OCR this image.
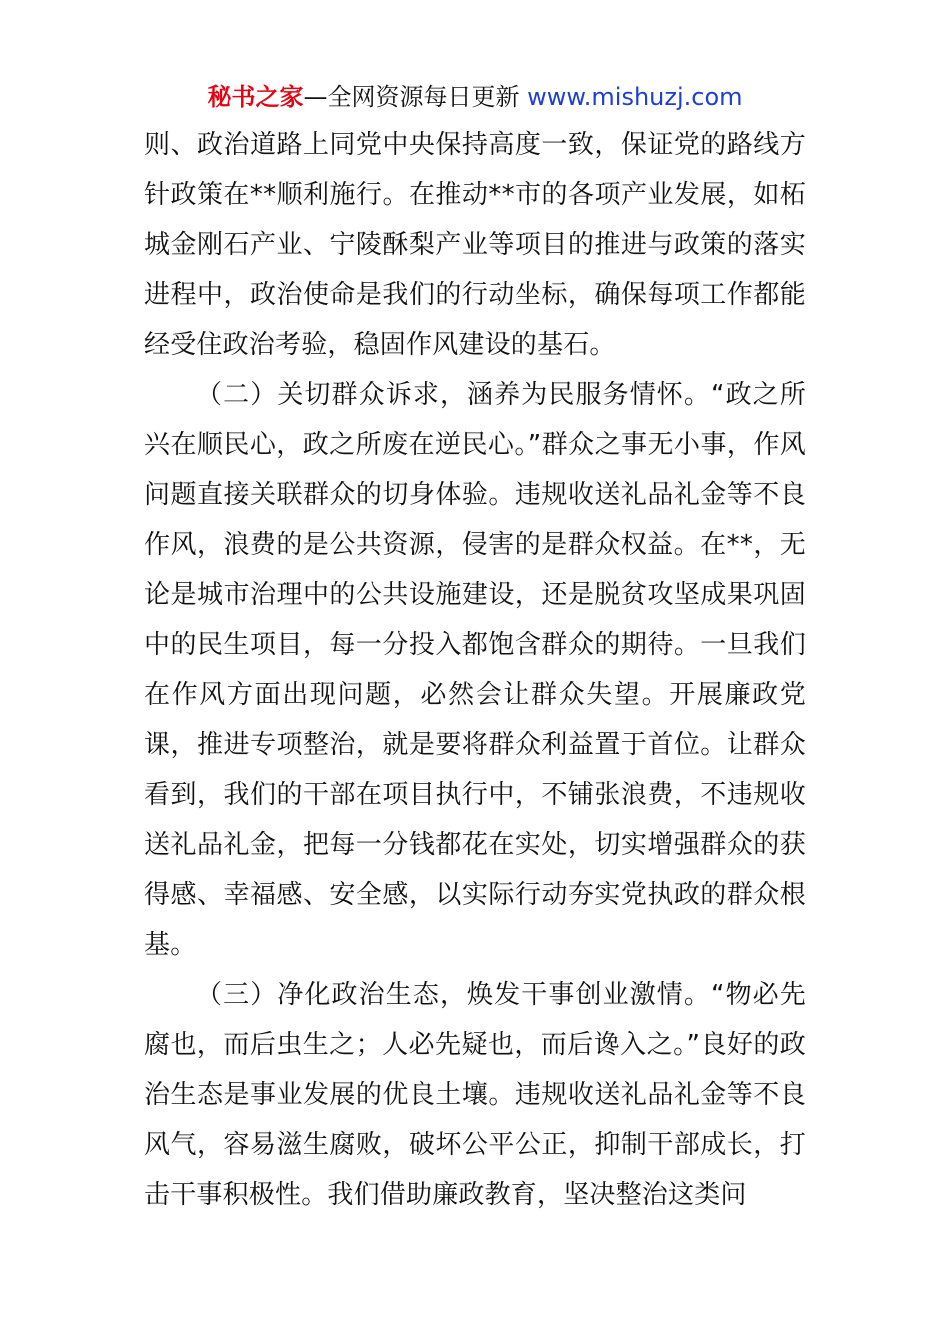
秘书之家—全网资源每日更新 www.mishuzj.com

则、政治道路上同党中央保持高度一致，保证党的路线方针政策在**顺利施行。在推动**市的各项产业发展，如柘城金刚石产业、宁陵酥梨产业等项目的推进与政策的落实进程中，政治使命是我们的行动坐标，确保每项工作都能经受住政治考验，稳固作风建设的基石。

（二）关切群众诉求，涵养为民服务情怀。“政之所兴在顺民心，政之所废在逆民心。”群众之事无小事，作风问题直接关联群众的切身体验。违规收送礼品礼金等不良作风，浪费的是公共资源，侵害的是群众权益。在**，无论是城市治理中的公共设施建设，还是脱贫攻坚成果巩固中的民生项目，每一分投入都饱含群众的期待。一旦我们在作风方面出现问题，必然会让群众失望。开展廉政党课，推进专项整治，就是要将群众利益置于首位。让群众看到，我们的干部在项目执行中，不铺张浪费，不违规收送礼品礼金，把每一分钱都花在实处，切实增强群众的获得感、幸福感、安全感，以实际行动夯实党执政的群众根基。

（三）净化政治生态，焕发干事创业激情。“物必先腐也，而后虫生之；人必先疑也，而后谗入之。”良好的政治生态是事业发展的优良土壤。违规收送礼品礼金等不良风气，容易滋生腐败，破坏公平公正，抑制干部成长，打击干事积极性。我们借助廉政教育，坚决整治这类问
